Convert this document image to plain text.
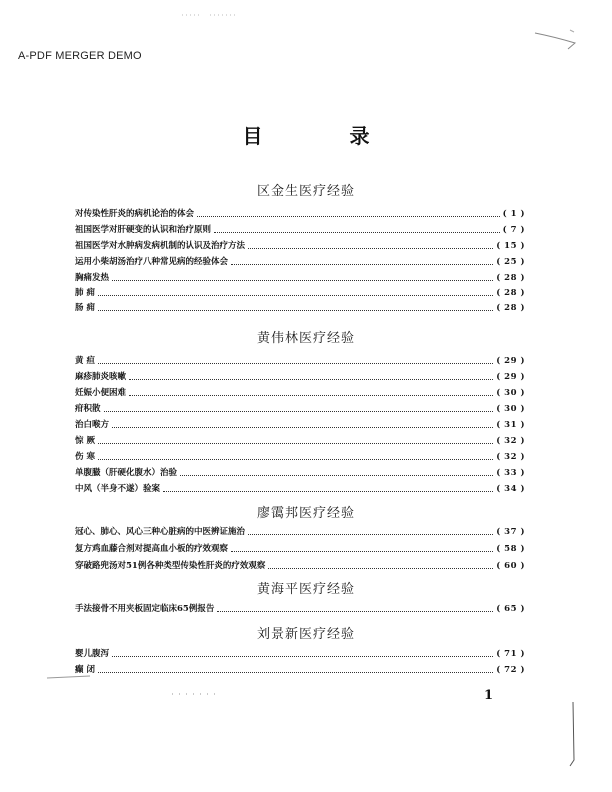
A-PDF MERGER DEMO
目 录
区金生医疗经验
对传染性肝炎的病机论治的体会	( 1 )
祖国医学对肝硬变的认识和治疗原则	( 7 )
祖国医学对水肿病发病机制的认识及治疗方法	( 15 )
运用小柴胡汤治疗八种常见病的经验体会	( 25 )
胸痛发热	( 28 )
肺 痈	( 28 )
肠 痈	( 28 )
黄伟林医疗经验
黄 疸	( 29 )
麻疹肺炎咳嗽	( 29 )
妊娠小便困难	( 30 )
疳积散	( 30 )
治白喉方	( 31 )
惊 厥	( 32 )
伤 寒	( 32 )
单腹臌（肝硬化腹水）治验	( 33 )
中风（半身不遂）验案	( 34 )
廖霭邦医疗经验
冠心、肺心、风心三种心脏病的中医辨证施治	( 37 )
复方鸡血藤合剂对提高血小板的疗效观察	( 58 )
穿破路兜汤对51例各种类型传染性肝炎的疗效观察	( 60 )
黄海平医疗经验
手法接骨不用夹板固定临床65例报告	( 65 )
刘景新医疗经验
婴儿腹泻	( 71 )
癫 闭	( 72 )
1
